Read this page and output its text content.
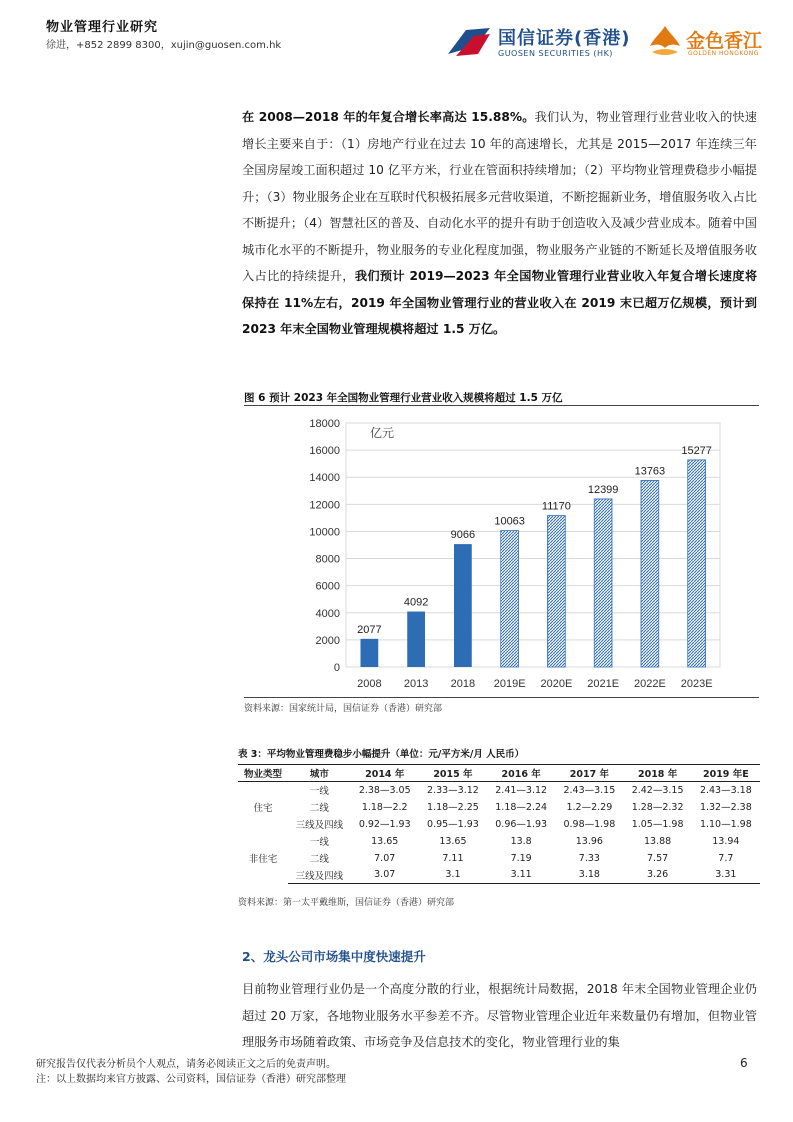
物业管理行业研究
徐进，+852 2899 8300，xujin@guosen.com.hk	国信证券(香港)
GUOSEN SECURITIES (HK)
金色香江
GOLDEN HONGKONG
在 2008—2018 年的年复合增长率高达 15.88%。我们认为，物业管理行业营业收入的快速增长主要来自于：（1）房地产行业在过去 10 年的高速增长，尤其是 2015—2017 年连续三年全国房屋竣工面积超过 10 亿平方米，行业在管面积持续增加；（2）平均物业管理费稳步小幅提升；（3）物业服务企业在互联时代积极拓展多元营收渠道，不断挖掘新业务，增值服务收入占比不断提升；（4）智慧社区的普及、自动化水平的提升有助于创造收入及减少营业成本。随着中国城市化水平的不断提升，物业服务的专业化程度加强，物业服务产业链的不断延长及增值服务收入占比的持续提升，我们预计 2019—2023 年全国物业管理行业营业收入年复合增长速度将保持在 11%左右，2019 年全国物业管理行业的营业收入在 2019 末已超万亿规模，预计到 2023 年末全国物业管理规模将超过 1.5 万亿。
图 6 预计 2023 年全国物业管理行业营业收入规模将超过 1.5 万亿
0
2000
4000
6000
8000
10000
12000
14000
16000
18000
亿元
2077
2008
4092
2013
9066
2018
10063
2019E
11170
2020E
12399
2021E
13763
2022E
15277
2023E
资料来源：国家统计局，国信证券（香港）研究部
表 3：平均物业管理费稳步小幅提升（单位：元/平方米/月 人民币）
物业类型	城市	2014 年	2015 年	2016 年	2017 年	2018 年	2019 年E
住宅	一线	2.38—3.05	2.33—3.12	2.41—3.12	2.43—3.15	2.42—3.15	2.43—3.18
	二线	1.18—2.2	1.18—2.25	1.18—2.24	1.2—2.29	1.28—2.32	1.32—2.38
	三线及四线	0.92—1.93	0.95—1.93	0.96—1.93	0.98—1.98	1.05—1.98	1.10—1.98
非住宅	一线	13.65	13.65	13.8	13.96	13.88	13.94
	二线	7.07	7.11	7.19	7.33	7.57	7.7
	三线及四线	3.07	3.1	3.11	3.18	3.26	3.31
资料来源：第一太平戴维斯，国信证券（香港）研究部
2、龙头公司市场集中度快速提升
目前物业管理行业仍是一个高度分散的行业，根据统计局数据，2018 年末全国物业管理企业仍超过 20 万家，各地物业服务水平参差不齐。尽管物业管理企业近年来数量仍有增加，但物业管理服务市场随着政策、市场竞争及信息技术的变化，物业管理行业的集
研究报告仅代表分析员个人观点，请务必阅读正文之后的免责声明。
注：以上数据均来官方披露、公司资料，国信证券（香港）研究部整理
6
